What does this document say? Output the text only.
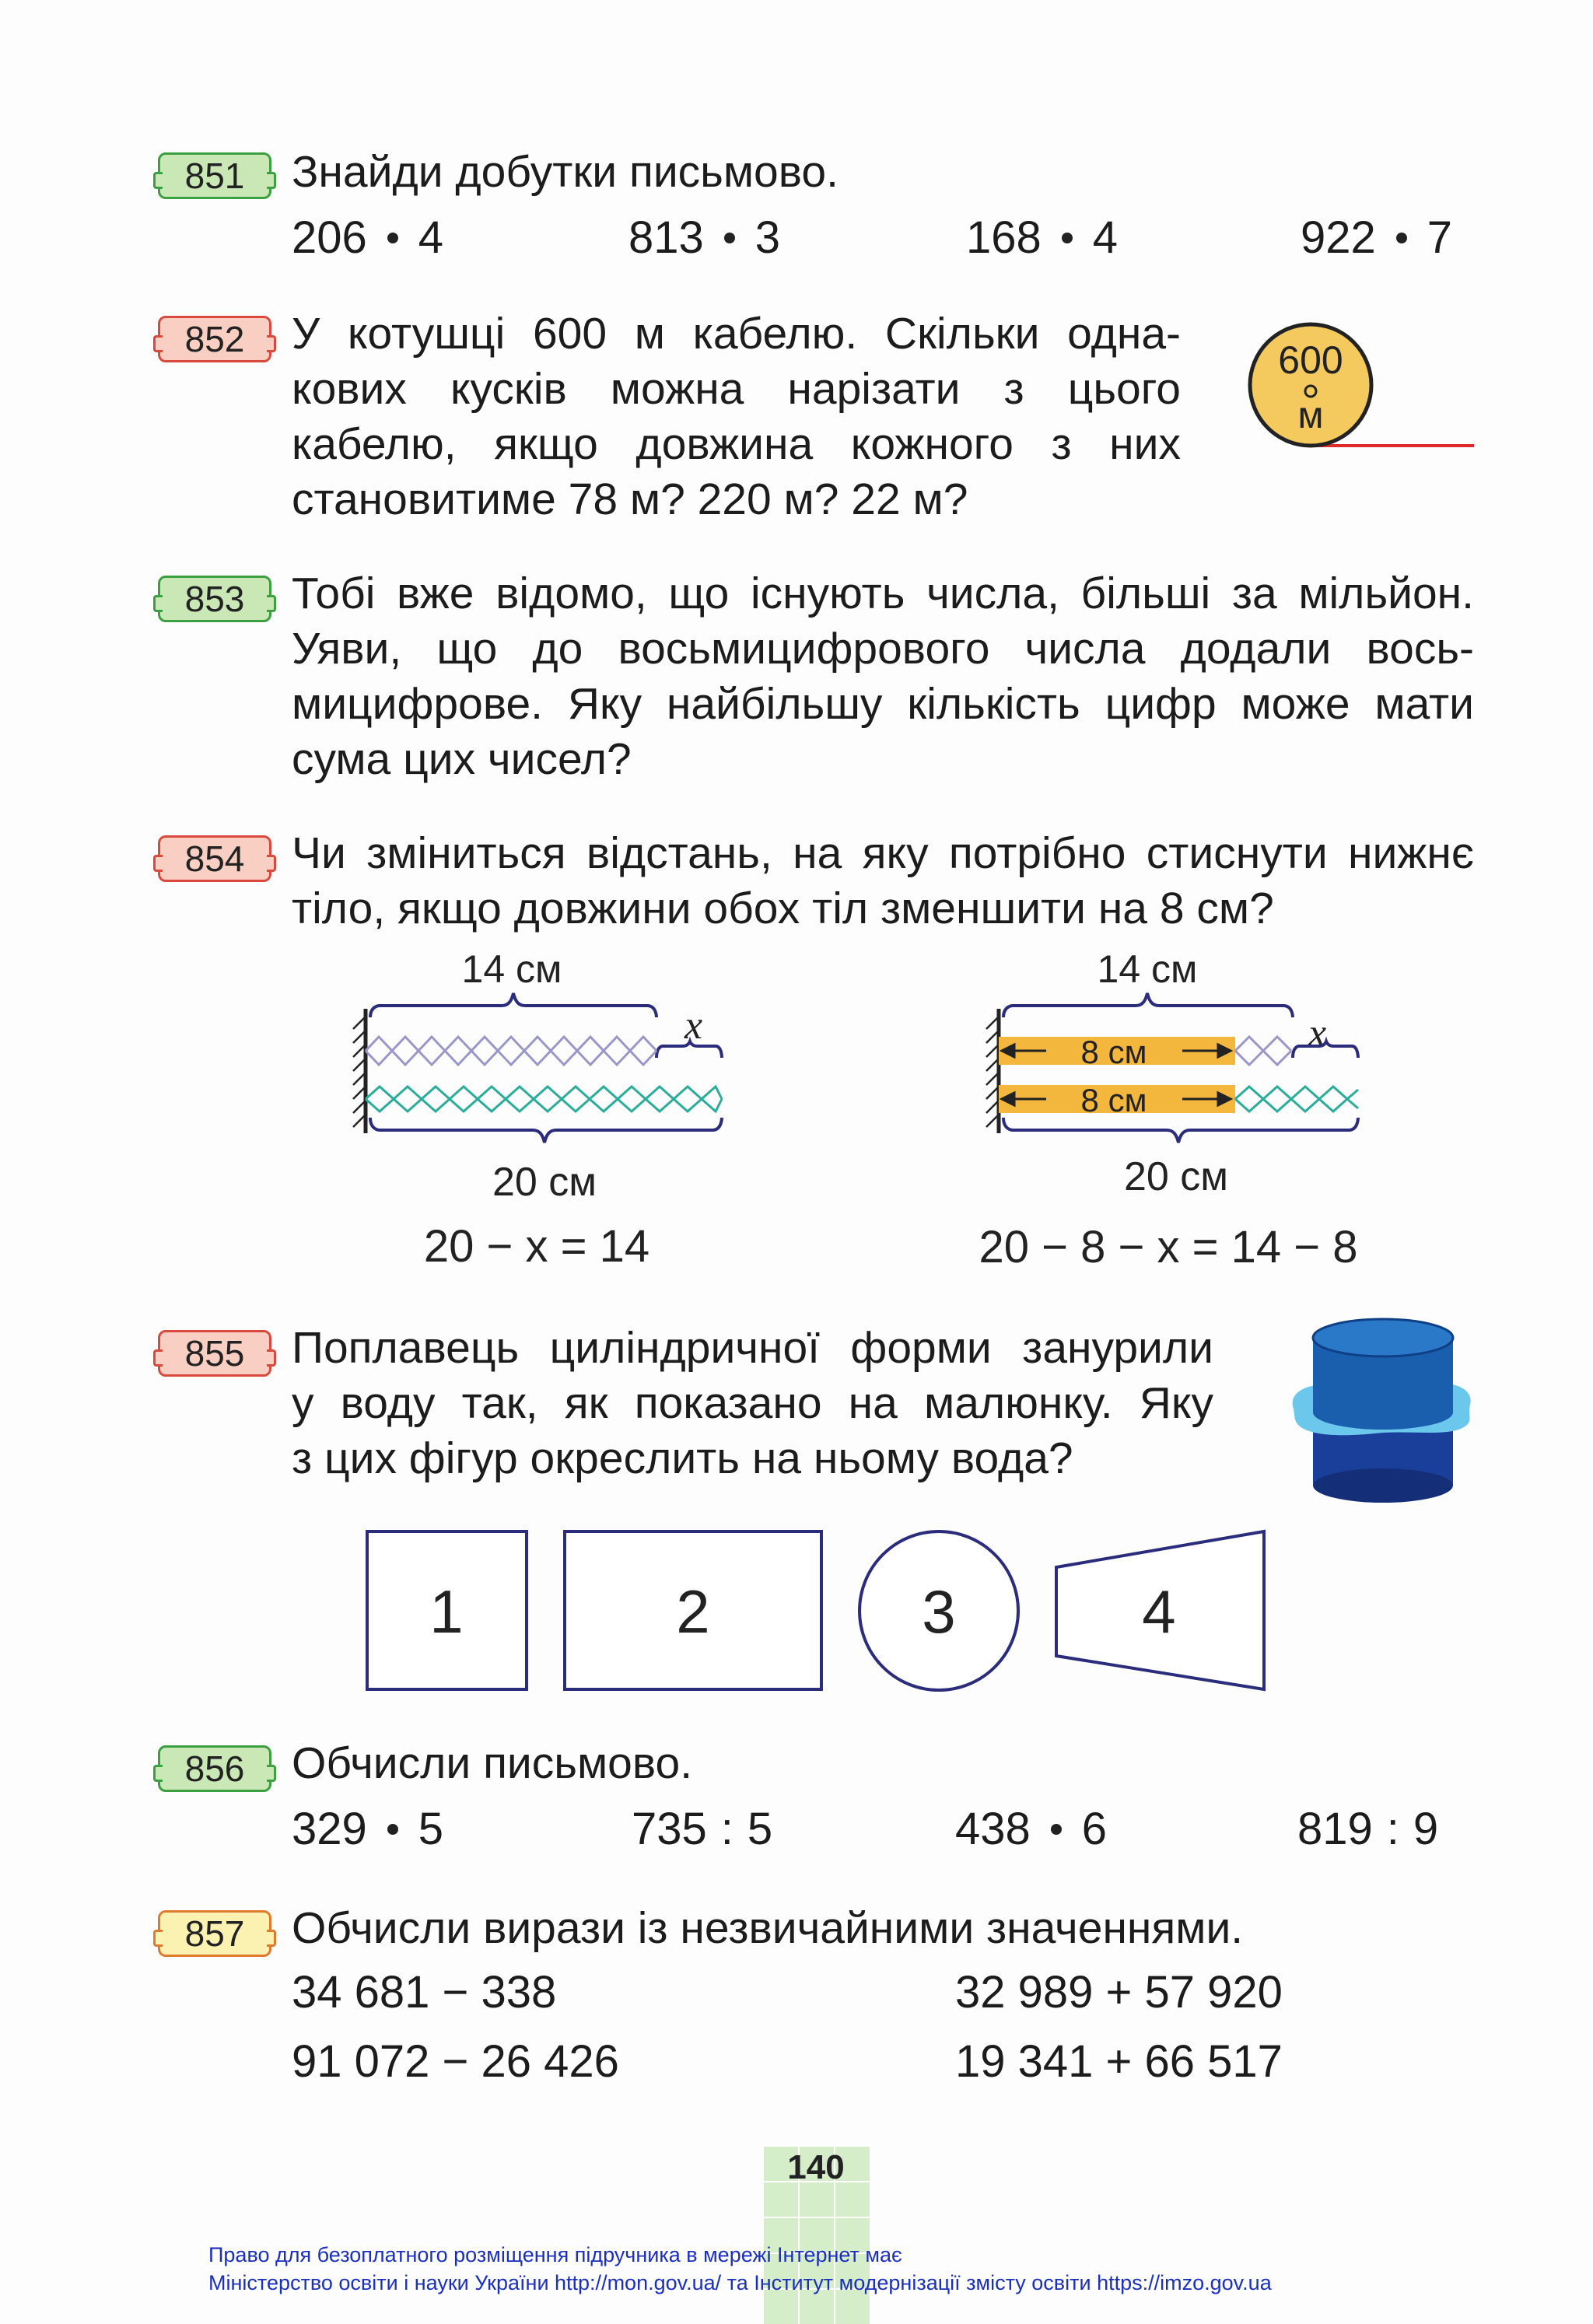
851	Знайди добутки письмово.
206 4	813 3	168 4	922 7
852	У котушці 600 м кабелю. Скільки одна-
кових кусків можна нарізати з цього
кабелю, якщо довжина кожного з них
становитиме 78 м? 220 м? 22 м?
600
м
853	Тобі вже відомо, що існують числа, більші за мільйон.
Уяви, що до восьмицифрового числа додали вось-
мицифрове. Яку найбільшу кількість цифр може мати
сума цих чисел?
854	Чи зміниться відстань, на яку потрібно стиснути нижнє
тіло, якщо довжини обох тіл зменшити на 8 см?
14 см
x
20 см
20 − x = 14
14 см
x
8 см
8 см
20 см
20 − 8 − x = 14 − 8
855	Поплавець циліндричної форми занурили
у воду так, як показано на малюнку. Яку
з цих фігур окреслить на ньому вода?
1	2	3	4
856	Обчисли письмово.
329 5	735 : 5	438 6	819 : 9
857	Обчисли вирази із незвичайними значеннями.
34 681 − 338	32 989 + 57 920
91 072 − 26 426	19 341 + 66 517
140
Право для безоплатного розміщення підручника в мережі Інтернет має
Міністерство освіти і науки України http://mon.gov.ua/ та Інститут модернізації змісту освіти https://imzo.gov.ua
